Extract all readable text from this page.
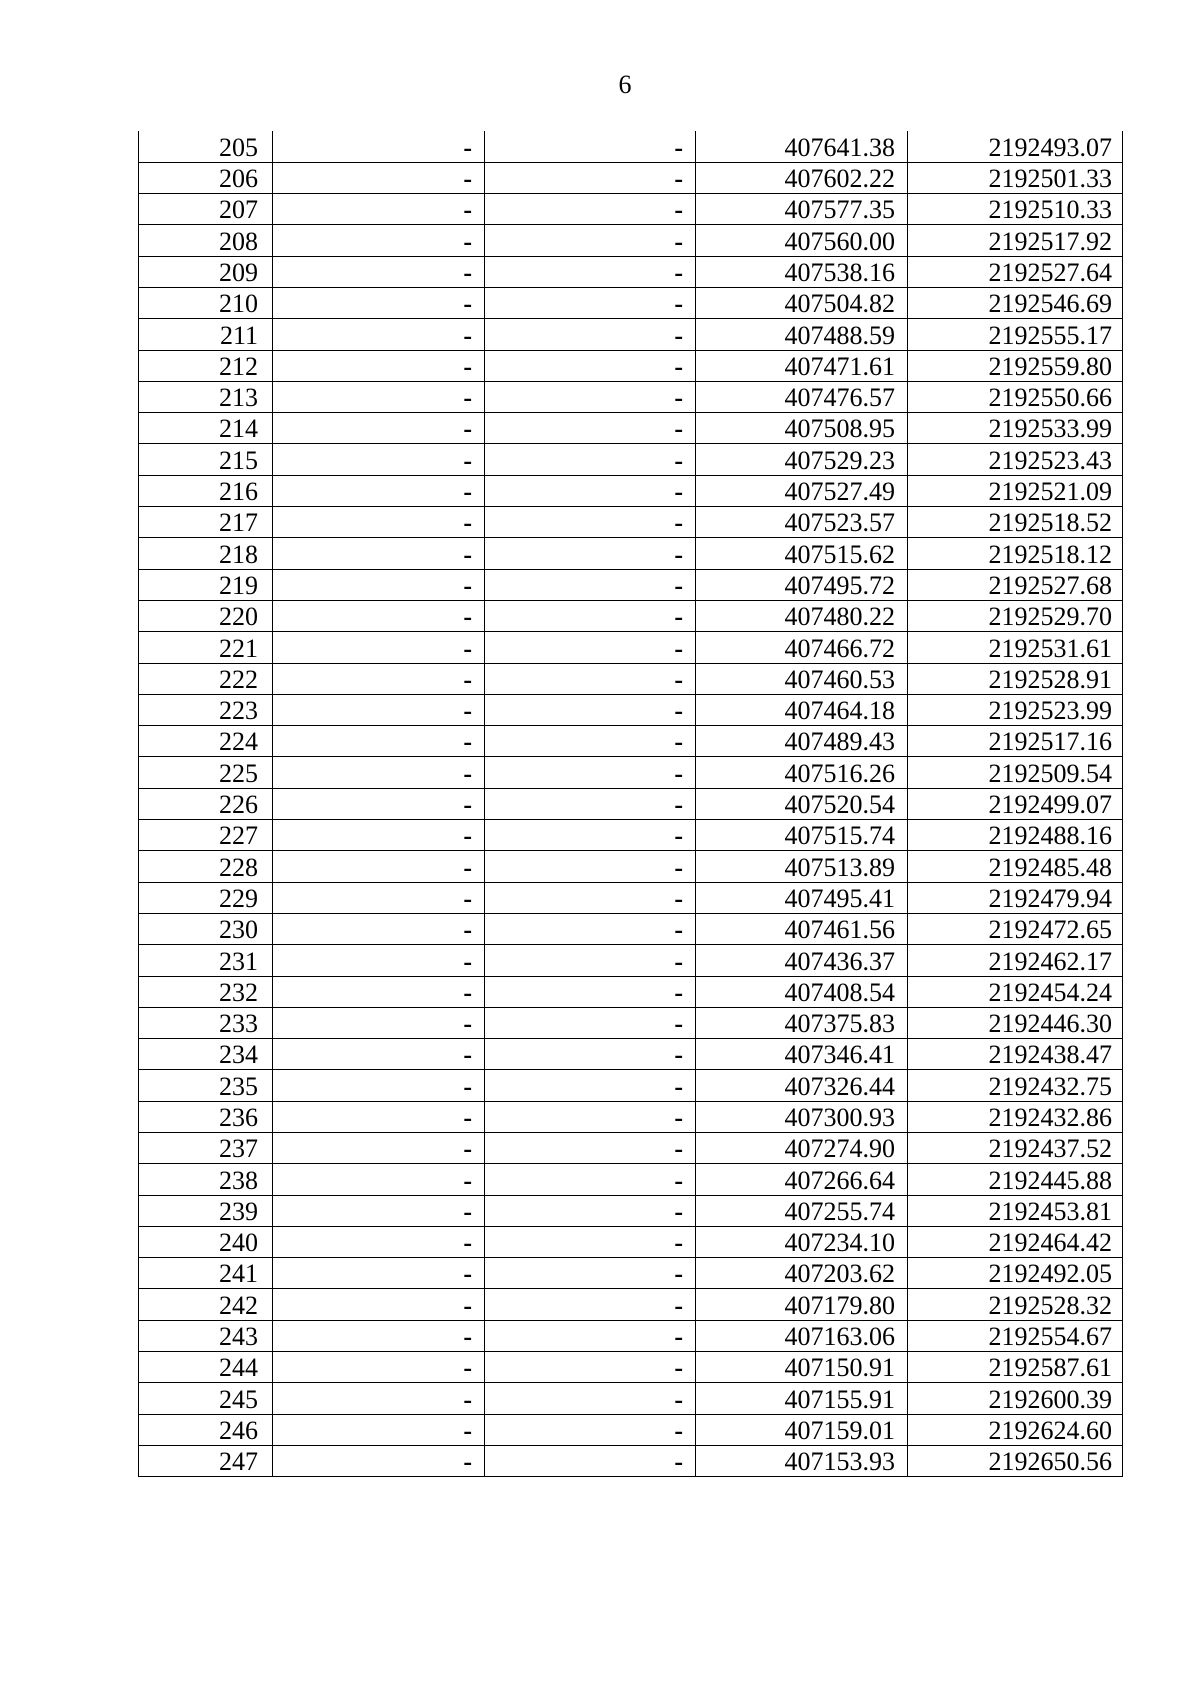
6
205	-	-	407641.38	2192493.07
206	-	-	407602.22	2192501.33
207	-	-	407577.35	2192510.33
208	-	-	407560.00	2192517.92
209	-	-	407538.16	2192527.64
210	-	-	407504.82	2192546.69
211	-	-	407488.59	2192555.17
212	-	-	407471.61	2192559.80
213	-	-	407476.57	2192550.66
214	-	-	407508.95	2192533.99
215	-	-	407529.23	2192523.43
216	-	-	407527.49	2192521.09
217	-	-	407523.57	2192518.52
218	-	-	407515.62	2192518.12
219	-	-	407495.72	2192527.68
220	-	-	407480.22	2192529.70
221	-	-	407466.72	2192531.61
222	-	-	407460.53	2192528.91
223	-	-	407464.18	2192523.99
224	-	-	407489.43	2192517.16
225	-	-	407516.26	2192509.54
226	-	-	407520.54	2192499.07
227	-	-	407515.74	2192488.16
228	-	-	407513.89	2192485.48
229	-	-	407495.41	2192479.94
230	-	-	407461.56	2192472.65
231	-	-	407436.37	2192462.17
232	-	-	407408.54	2192454.24
233	-	-	407375.83	2192446.30
234	-	-	407346.41	2192438.47
235	-	-	407326.44	2192432.75
236	-	-	407300.93	2192432.86
237	-	-	407274.90	2192437.52
238	-	-	407266.64	2192445.88
239	-	-	407255.74	2192453.81
240	-	-	407234.10	2192464.42
241	-	-	407203.62	2192492.05
242	-	-	407179.80	2192528.32
243	-	-	407163.06	2192554.67
244	-	-	407150.91	2192587.61
245	-	-	407155.91	2192600.39
246	-	-	407159.01	2192624.60
247	-	-	407153.93	2192650.56
